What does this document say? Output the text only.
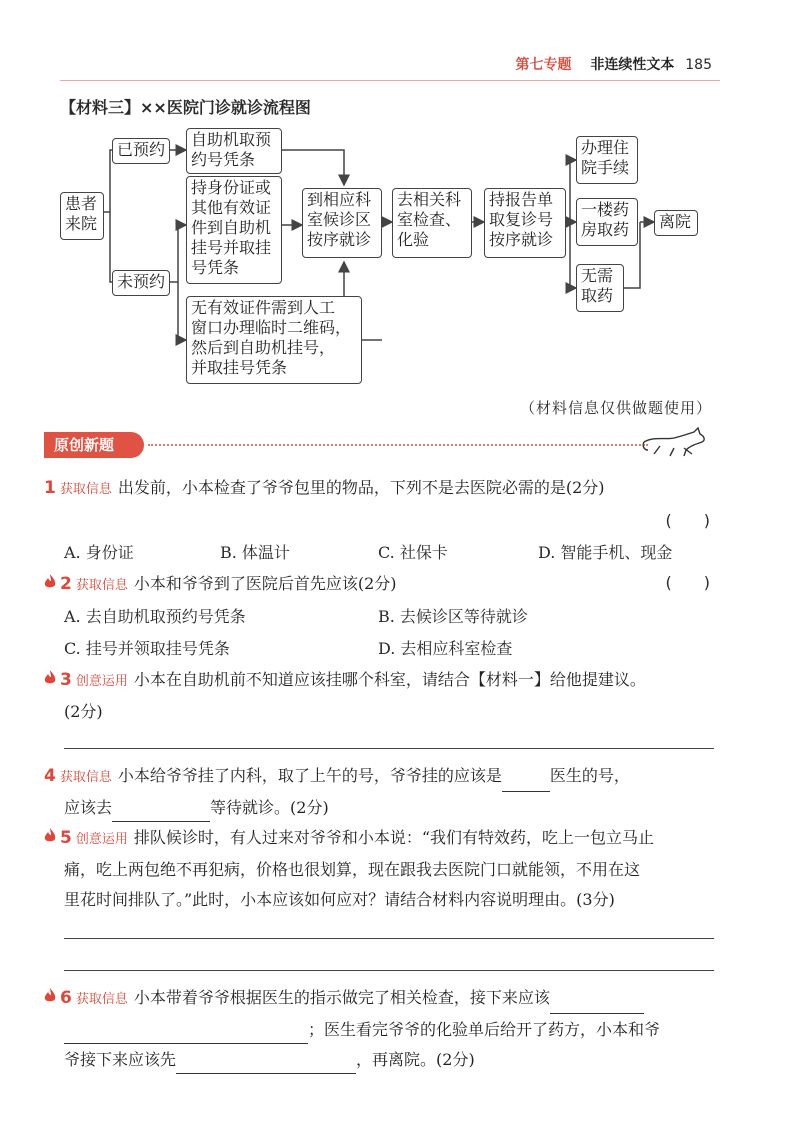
第七专题 非连续性文本 185
【材料三】××医院门诊就诊流程图
患者
来院
已预约
未预约
自助机取预
约号凭条
持身份证或
其他有效证
件到自助机
挂号并取挂
号凭条
无有效证件需到人工
窗口办理临时二维码，
然后到自助机挂号，
并取挂号凭条
到相应科
室候诊区
按序就诊
去相关科
室检查、
化验
持报告单
取复诊号
按序就诊
办理住
院手续
一楼药
房取药
无需
取药
离院
（材料信息仅供做题使用）
原创新题
1 获取信息 出发前，小本检查了爷爷包里的物品，下列不是去医院必需的是(2分)
(　　)
A. 身份证	B. 体温计	C. 社保卡	D. 智能手机、现金
2 获取信息 小本和爷爷到了医院后首先应该(2分)	(　　)
A. 去自助机取预约号凭条	B. 去候诊区等待就诊
C. 挂号并领取挂号凭条	D. 去相应科室检查
3 创意运用 小本在自助机前不知道应该挂哪个科室，请结合【材料一】给他提建议。
(2分)
4 获取信息 小本给爷爷挂了内科，取了上午的号，爷爷挂的应该是	医生的号，
应该去	等待就诊。(2分)
5 创意运用 排队候诊时，有人过来对爷爷和小本说：“我们有特效药，吃上一包立马止
痛，吃上两包绝不再犯病，价格也很划算，现在跟我去医院门口就能领，不用在这
里花时间排队了。”此时，小本应该如何应对？请结合材料内容说明理由。(3分)
6 获取信息 小本带着爷爷根据医生的指示做完了相关检查，接下来应该
；医生看完爷爷的化验单后给开了药方，小本和爷
爷接下来应该先	，再离院。(2分)
